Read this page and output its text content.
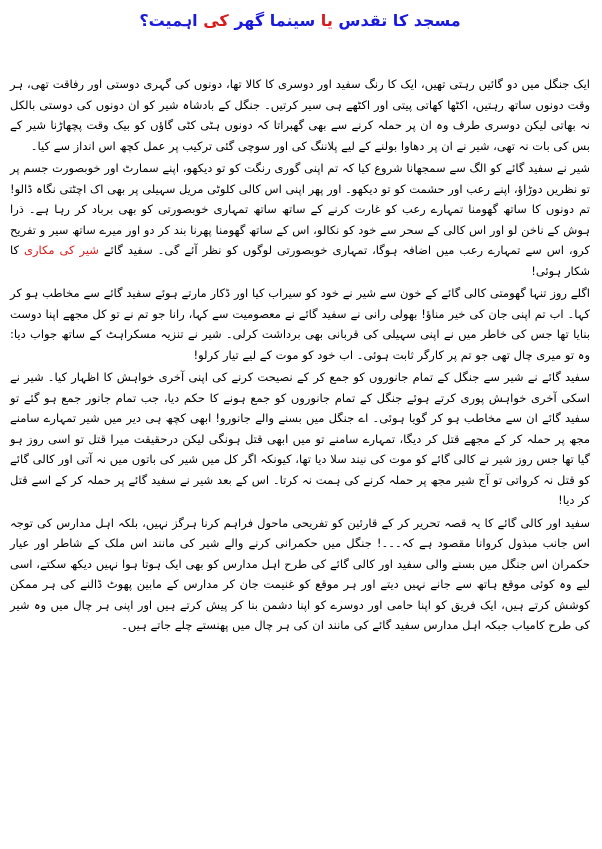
مسجد کا تقدس یا سینما گھر کی اہمیت؟

ایک جنگل میں دو گائیں رہتی تھیں، ایک کا رنگ سفید اور دوسری کا کالا تھا، دونوں کی گہری دوستی اور رفاقت تھی، ہر وقت دونوں ساتھ رہتیں، اکٹھا کھاتی پیتی اور اکٹھے ہی سیر کرتیں۔ جنگل کے بادشاہ شیر کو ان دونوں کی دوستی بالکل نہ بھاتی لیکن دوسری طرف وہ ان پر حملہ کرنے سے بھی گھبراتا کہ دونوں ہٹی کٹی گاؤں کو بیک وقت پچھاڑنا شیر کے بس کی بات نہ تھی، شیر نے ان پر دھاوا بولنے کے لیے پلاننگ کی اور سوچی گئی ترکیب پر عمل کچھ اس انداز سے کیا۔

شیر نے سفید گائے کو الگ سے سمجھانا شروع کیا کہ تم اپنی گوری رنگت کو تو دیکھو، اپنے سمارٹ اور خوبصورت جسم پر تو نظریں دوڑاؤ، اپنے رعب اور حشمت کو تو دیکھو۔ اور پھر اپنی اس کالی کلوٹی مریل سہیلی پر بھی اک اچٹتی نگاہ ڈالو! تم دونوں کا ساتھ گھومنا تمہارے رعب کو غارت کرنے کے ساتھ ساتھ تمہاری خوبصورتی کو بھی برباد کر رہا ہے۔ ذرا ہوش کے ناخن لو اور اس کالی کے سحر سے خود کو نکالو، اس کے ساتھ گھومنا پھرنا بند کر دو اور میرے ساتھ سیر و تفریح کرو، اس سے تمہارے رعب میں اضافہ ہوگا، تمہاری خوبصورتی لوگوں کو نظر آئے گی۔ سفید گائے شیر کی مکاری کا شکار ہوئی!

اگلے روز تنہا گھومتی کالی گائے کے خون سے شیر نے خود کو سیراب کیا اور ڈکار مارتے ہوئے سفید گائے سے مخاطب ہو کر کہا۔ اب تم اپنی جان کی خیر مناؤ! بھولی رانی نے سفید گائے نے معصومیت سے کہا، رانا جو تم نے تو کل مجھے اپنا دوست بنایا تھا جس کی خاطر میں نے اپنی سہیلی کی قربانی بھی برداشت کرلی۔ شیر نے تنزیہ مسکراہٹ کے ساتھ جواب دیا: وہ تو میری چال تھی جو تم پر کارگر ثابت ہوئی۔ اب خود کو موت کے لیے تیار کرلو!

سفید گائے نے شیر سے جنگل کے تمام جانوروں کو جمع کر کے نصیحت کرنے کی اپنی آخری خواہش کا اظہار کیا۔ شیر نے اسکی آخری خواہش پوری کرتے ہوئے جنگل کے تمام جانوروں کو جمع ہونے کا حکم دیا، جب تمام جانور جمع ہو گئے تو سفید گائے ان سے مخاطب ہو کر گویا ہوئی۔ اے جنگل میں بسنے والے جانورو! ابھی کچھ ہی دیر میں شیر تمہارے سامنے مجھ پر حملہ کر کے مجھے قتل کر دیگا، تمہارے سامنے تو میں ابھی قتل ہونگی لیکن درحقیقت میرا قتل تو اسی روز ہو گیا تھا جس روز شیر نے کالی گائے کو موت کی نیند سلا دیا تھا، کیونکہ اگر کل میں شیر کی باتوں میں نہ آتی اور کالی گائے کو قتل نہ کرواتی تو آج شیر مجھ پر حملہ کرنے کی ہمت نہ کرتا۔ اس کے بعد شیر نے سفید گائے پر حملہ کر کے اسے قتل کر دیا!

سفید اور کالی گائے کا یہ قصہ تحریر کر کے قارئین کو تفریحی ماحول فراہم کرنا ہرگز نہیں، بلکہ اہل مدارس کی توجہ اس جانب مبذول کروانا مقصود ہے کہ۔۔۔! جنگل میں حکمرانی کرنے والے شیر کی مانند اس ملک کے شاطر اور عیار حکمران اس جنگل میں بسنے والی سفید اور کالی گائے کی طرح اہل مدارس کو بھی ایک ہوتا ہوا نہیں دیکھ سکتے، اسی لیے وہ کوئی موقع ہاتھ سے جانے نہیں دیتے اور ہر موقع کو غنیمت جان کر مدارس کے مابین پھوٹ ڈالنے کی ہر ممکن کوشش کرتے ہیں، ایک فریق کو اپنا حامی اور دوسرے کو اپنا دشمن بنا کر پیش کرتے ہیں اور اپنی ہر چال میں وہ شیر کی طرح کامیاب جبکہ اہل مدارس سفید گائے کی مانند ان کی ہر چال میں پھنستے چلے جاتے ہیں۔
